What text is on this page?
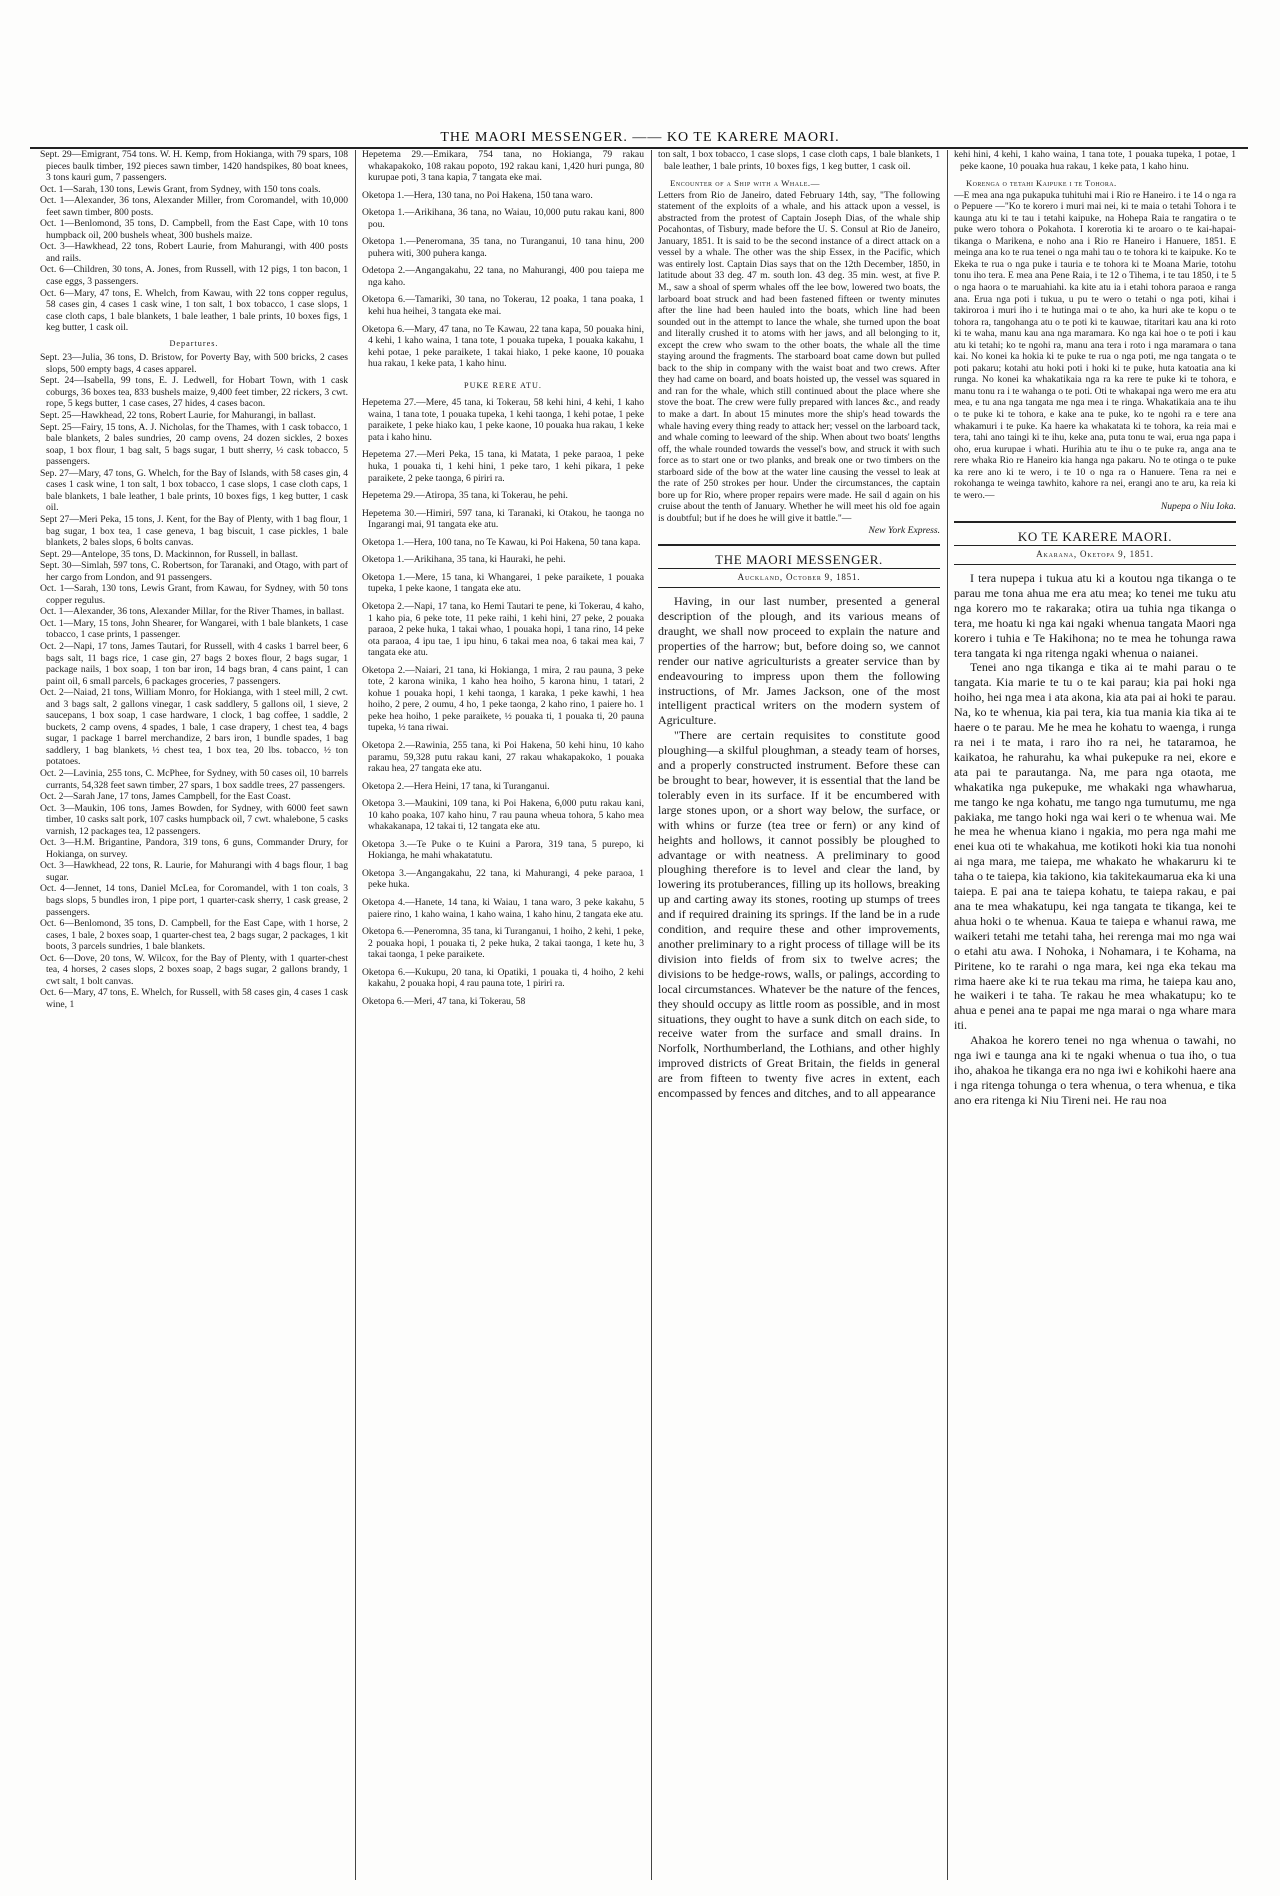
THE MAORI MESSENGER. —— KO TE KARERE MAORI.

Sept. 29—Emigrant, 754 tons. W. H. Kemp, from Hokianga, with 79 spars, 108 pieces baulk timber, 192 pieces sawn timber, 1420 handspikes, 80 boat knees, 3 tons kauri gum, 7 passengers.

Oct. 1—Sarah, 130 tons, Lewis Grant, from Sydney, with 150 tons coals.

Oct. 1—Alexander, 36 tons, Alexander Miller, from Coromandel, with 10,000 feet sawn timber, 800 posts.

Oct. 1—Benlomond, 35 tons, D. Campbell, from the East Cape, with 10 tons humpback oil, 200 bushels wheat, 300 bushels maize.

Oct. 3—Hawkhead, 22 tons, Robert Laurie, from Mahurangi, with 400 posts and rails.

Oct. 6—Children, 30 tons, A. Jones, from Russell, with 12 pigs, 1 ton bacon, 1 case eggs, 3 passengers.

Oct. 6—Mary, 47 tons, E. Whelch, from Kawau, with 22 tons copper regulus, 58 cases gin, 4 cases 1 cask wine, 1 ton salt, 1 box tobacco, 1 case slops, 1 case cloth caps, 1 bale blankets, 1 bale leather, 1 bale prints, 10 boxes figs, 1 keg butter, 1 cask oil.

Departures.

Sept. 23—Julia, 36 tons, D. Bristow, for Poverty Bay, with 500 bricks, 2 cases slops, 500 empty bags, 4 cases apparel.

Sept. 24—Isabella, 99 tons, E. J. Ledwell, for Hobart Town, with 1 cask coburgs, 36 boxes tea, 833 bushels maize, 9,400 feet timber, 22 rickers, 3 cwt. rope, 5 kegs butter, 1 case cases, 27 hides, 4 cases bacon.

Sept. 25—Hawkhead, 22 tons, Robert Laurie, for Mahurangi, in ballast.

Sept. 25—Fairy, 15 tons, A. J. Nicholas, for the Thames, with 1 cask tobacco, 1 bale blankets, 2 bales sundries, 20 camp ovens, 24 dozen sickles, 2 boxes soap, 1 box flour, 1 bag salt, 5 bags sugar, 1 butt sherry, ½ cask tobacco, 5 passengers.

Sep. 27—Mary, 47 tons, G. Whelch, for the Bay of Islands, with 58 cases gin, 4 cases 1 cask wine, 1 ton salt, 1 box tobacco, 1 case slops, 1 case cloth caps, 1 bale blankets, 1 bale leather, 1 bale prints, 10 boxes figs, 1 keg butter, 1 cask oil.

Sept 27—Meri Peka, 15 tons, J. Kent, for the Bay of Plenty, with 1 bag flour, 1 bag sugar, 1 box tea, 1 case geneva, 1 bag biscuit, 1 case pickles, 1 bale blankets, 2 bales slops, 6 bolts canvas.

Sept. 29—Antelope, 35 tons, D. Mackinnon, for Russell, in ballast.

Sept. 30—Simlah, 597 tons, C. Robertson, for Taranaki, and Otago, with part of her cargo from London, and 91 passengers.

Oct. 1—Sarah, 130 tons, Lewis Grant, from Kawau, for Sydney, with 50 tons copper regulus.

Oct. 1—Alexander, 36 tons, Alexander Millar, for the River Thames, in ballast.

Oct. 1—Mary, 15 tons, John Shearer, for Wangarei, with 1 bale blankets, 1 case tobacco, 1 case prints, 1 passenger.

Oct. 2—Napi, 17 tons, James Tautari, for Russell, with 4 casks 1 barrel beer, 6 bags salt, 11 bags rice, 1 case gin, 27 bags 2 boxes flour, 2 bags sugar, 1 package nails, 1 box soap, 1 ton bar iron, 14 bags bran, 4 cans paint, 1 can paint oil, 6 small parcels, 6 packages groceries, 7 passengers.

Oct. 2—Naiad, 21 tons, William Monro, for Hokianga, with 1 steel mill, 2 cwt. and 3 bags salt, 2 gallons vinegar, 1 cask saddlery, 5 gallons oil, 1 sieve, 2 saucepans, 1 box soap, 1 case hardware, 1 clock, 1 bag coffee, 1 saddle, 2 buckets, 2 camp ovens, 4 spades, 1 bale, 1 case drapery, 1 chest tea, 4 bags sugar, 1 package 1 barrel merchandize, 2 bars iron, 1 bundle spades, 1 bag saddlery, 1 bag blankets, ½ chest tea, 1 box tea, 20 lbs. tobacco, ½ ton potatoes.

Oct. 2—Lavinia, 255 tons, C. McPhee, for Sydney, with 50 cases oil, 10 barrels currants, 54,328 feet sawn timber, 27 spars, 1 box saddle trees, 27 passengers.

Oct. 2—Sarah Jane, 17 tons, James Campbell, for the East Coast.

Oct. 3—Maukin, 106 tons, James Bowden, for Sydney, with 6000 feet sawn timber, 10 casks salt pork, 107 casks humpback oil, 7 cwt. whalebone, 5 casks varnish, 12 packages tea, 12 passengers.

Oct. 3—H.M. Brigantine, Pandora, 319 tons, 6 guns, Commander Drury, for Hokianga, on survey.

Oct. 3—Hawkhead, 22 tons, R. Laurie, for Mahurangi with 4 bags flour, 1 bag sugar.

Oct. 4—Jennet, 14 tons, Daniel McLea, for Coromandel, with 1 ton coals, 3 bags slops, 5 bundles iron, 1 pipe port, 1 quarter-cask sherry, 1 cask grease, 2 passengers.

Oct. 6—Benlomond, 35 tons, D. Campbell, for the East Cape, with 1 horse, 2 cases, 1 bale, 2 boxes soap, 1 quarter-chest tea, 2 bags sugar, 2 packages, 1 kit boots, 3 parcels sundries, 1 bale blankets.

Oct. 6—Dove, 20 tons, W. Wilcox, for the Bay of Plenty, with 1 quarter-chest tea, 4 horses, 2 cases slops, 2 boxes soap, 2 bags sugar, 2 gallons brandy, 1 cwt salt, 1 bolt canvas.

Oct. 6—Mary, 47 tons, E. Whelch, for Russell, with 58 cases gin, 4 cases 1 cask wine, 1

Hepetema 29.—Emikara, 754 tana, no Hokianga, 79 rakau whakapakoko, 108 rakau popoto, 192 rakau kani, 1,420 huri punga, 80 kurupae poti, 3 tana kapia, 7 tangata eke mai.

Oketopa 1.—Hera, 130 tana, no Poi Hakena, 150 tana waro.

Oketopa 1.—Arikihana, 36 tana, no Waiau, 10,000 putu rakau kani, 800 pou.

Oketopa 1.—Peneromana, 35 tana, no Turanganui, 10 tana hinu, 200 puhera witi, 300 puhera kanga.

Odetopa 2.—Angangakahu, 22 tana, no Mahurangi, 400 pou taiepa me nga kaho.

Oketopa 6.—Tamariki, 30 tana, no Tokerau, 12 poaka, 1 tana poaka, 1 kehi hua heihei, 3 tangata eke mai.

Oketopa 6.—Mary, 47 tana, no Te Kawau, 22 tana kapa, 50 pouaka hini, 4 kehi, 1 kaho waina, 1 tana tote, 1 pouaka tupeka, 1 pouaka kakahu, 1 kehi potae, 1 peke paraikete, 1 takai hiako, 1 peke kaone, 10 pouaka hua rakau, 1 keke pata, 1 kaho hinu.

PUKE RERE ATU.

Hepetema 27.—Mere, 45 tana, ki Tokerau, 58 kehi hini, 4 kehi, 1 kaho waina, 1 tana tote, 1 pouaka tupeka, 1 kehi taonga, 1 kehi potae, 1 peke paraikete, 1 peke hiako kau, 1 peke kaone, 10 pouaka hua rakau, 1 keke pata i kaho hinu.

Hepetema 27.—Meri Peka, 15 tana, ki Matata, 1 peke paraoa, 1 peke huka, 1 pouaka ti, 1 kehi hini, 1 peke taro, 1 kehi pikara, 1 peke paraikete, 2 peke taonga, 6 piriri ra.

Hepetema 29.—Atiropa, 35 tana, ki Tokerau, he pehi.

Hepetema 30.—Himiri, 597 tana, ki Taranaki, ki Otakou, he taonga no Ingarangi mai, 91 tangata eke atu.

Oketopa 1.—Hera, 100 tana, no Te Kawau, ki Poi Hakena, 50 tana kapa.

Oketopa 1.—Arikihana, 35 tana, ki Hauraki, he pehi.

Oketopa 1.—Mere, 15 tana, ki Whangarei, 1 peke paraikete, 1 pouaka tupeka, 1 peke kaone, 1 tangata eke atu.

Oketopa 2.—Napi, 17 tana, ko Hemi Tautari te pene, ki Tokerau, 4 kaho, 1 kaho pia, 6 peke tote, 11 peke raihi, 1 kehi hini, 27 peke, 2 pouaka paraoa, 2 peke huka, 1 takai whao, 1 pouaka hopi, 1 tana rino, 14 peke ota paraoa, 4 ipu tae, 1 ipu hinu, 6 takai mea noa, 6 takai mea kai, 7 tangata eke atu.

Oketopa 2.—Naiari, 21 tana, ki Hokianga, 1 mira, 2 rau pauna, 3 peke tote, 2 karona winika, 1 kaho hea hoiho, 5 karona hinu, 1 tatari, 2 kohue 1 pouaka hopi, 1 kehi taonga, 1 karaka, 1 peke kawhi, 1 hea hoiho, 2 pere, 2 oumu, 4 ho, 1 peke taonga, 2 kaho rino, 1 paiere ho. 1 peke hea hoiho, 1 peke paraikete, ½ pouaka ti, 1 pouaka ti, 20 pauna tupeka, ½ tana riwai.

Oketopa 2.—Rawinia, 255 tana, ki Poi Hakena, 50 kehi hinu, 10 kaho paramu, 59,328 putu rakau kani, 27 rakau whakapakoko, 1 pouaka rakau hea, 27 tangata eke atu.

Oketopa 2.—Hera Heini, 17 tana, ki Turanganui.

Oketopa 3.—Maukini, 109 tana, ki Poi Hakena, 6,000 putu rakau kani, 10 kaho poaka, 107 kaho hinu, 7 rau pauna wheua tohora, 5 kaho mea whakakanapa, 12 takai ti, 12 tangata eke atu.

Oketopa 3.—Te Puke o te Kuini a Parora, 319 tana, 5 purepo, ki Hokianga, he mahi whakatatutu.

Oketopa 3.—Angangakahu, 22 tana, ki Mahurangi, 4 peke paraoa, 1 peke huka.

Oketopa 4.—Hanete, 14 tana, ki Waiau, 1 tana waro, 3 peke kakahu, 5 paiere rino, 1 kaho waina, 1 kaho waina, 1 kaho hinu, 2 tangata eke atu.

Oketopa 6.—Peneromna, 35 tana, ki Turanganui, 1 hoiho, 2 kehi, 1 peke, 2 pouaka hopi, 1 pouaka ti, 2 peke huka, 2 takai taonga, 1 kete hu, 3 takai taonga, 1 peke paraikete.

Oketopa 6.—Kukupu, 20 tana, ki Opatiki, 1 pouaka ti, 4 hoiho, 2 kehi kakahu, 2 pouaka hopi, 4 rau pauna tote, 1 piriri ra.

Oketopa 6.—Meri, 47 tana, ki Tokerau, 58

ton salt, 1 box tobacco, 1 case slops, 1 case cloth caps, 1 bale blankets, 1 bale leather, 1 bale prints, 10 boxes figs, 1 keg butter, 1 cask oil.

Encounter of a Ship with a Whale.—

Letters from Rio de Janeiro, dated February 14th, say, "The following statement of the exploits of a whale, and his attack upon a vessel, is abstracted from the protest of Captain Joseph Dias, of the whale ship Pocahontas, of Tisbury, made before the U. S. Consul at Rio de Janeiro, January, 1851. It is said to be the second instance of a direct attack on a vessel by a whale. The other was the ship Essex, in the Pacific, which was entirely lost. Captain Dias says that on the 12th December, 1850, in latitude about 33 deg. 47 m. south lon. 43 deg. 35 min. west, at five P. M., saw a shoal of sperm whales off the lee bow, lowered two boats, the larboard boat struck and had been fastened fifteen or twenty minutes after the line had been hauled into the boats, which line had been sounded out in the attempt to lance the whale, she turned upon the boat and literally crushed it to atoms with her jaws, and all belonging to it, except the crew who swam to the other boats, the whale all the time staying around the fragments. The starboard boat came down but pulled back to the ship in company with the waist boat and two crews. After they had came on board, and boats hoisted up, the vessel was squared in and ran for the whale, which still continued about the place where she stove the boat. The crew were fully prepared with lances &c., and ready to make a dart. In about 15 minutes more the ship's head towards the whale having every thing ready to attack her; vessel on the larboard tack, and whale coming to leeward of the ship. When about two boats' lengths off, the whale rounded towards the vessel's bow, and struck it with such force as to start one or two planks, and break one or two timbers on the starboard side of the bow at the water line causing the vessel to leak at the rate of 250 strokes per hour. Under the circumstances, the captain bore up for Rio, where proper repairs were made. He sail d again on his cruise about the tenth of January. Whether he will meet his old foe again is doubtful; but if he does he will give it battle."—

New York Express.

THE MAORI MESSENGER.

Auckland, October 9, 1851.

Having, in our last number, presented a general description of the plough, and its various means of draught, we shall now proceed to explain the nature and properties of the harrow; but, before doing so, we cannot render our native agriculturists a greater service than by endeavouring to impress upon them the following instructions, of Mr. James Jackson, one of the most intelligent practical writers on the modern system of Agriculture.

"There are certain requisites to constitute good ploughing—a skilful ploughman, a steady team of horses, and a properly constructed instrument. Before these can be brought to bear, however, it is essential that the land be tolerably even in its surface. If it be encumbered with large stones upon, or a short way below, the surface, or with whins or furze (tea tree or fern) or any kind of heights and hollows, it cannot possibly be ploughed to advantage or with neatness. A preliminary to good ploughing therefore is to level and clear the land, by lowering its protuberances, filling up its hollows, breaking up and carting away its stones, rooting up stumps of trees and if required draining its springs. If the land be in a rude condition, and require these and other improvements, another preliminary to a right process of tillage will be its division into fields of from six to twelve acres; the divisions to be hedge-rows, walls, or palings, according to local circumstances. Whatever be the nature of the fences, they should occupy as little room as possible, and in most situations, they ought to have a sunk ditch on each side, to receive water from the surface and small drains. In Norfolk, Northumberland, the Lothians, and other highly improved districts of Great Britain, the fields in general are from fifteen to twenty five acres in extent, each encompassed by fences and ditches, and to all appearance

kehi hini, 4 kehi, 1 kaho waina, 1 tana tote, 1 pouaka tupeka, 1 potae, 1 peke kaone, 10 pouaka hua rakau, 1 keke pata, 1 kaho hinu.

Korenga o tetahi Kaipuke i te Tohora.

—E mea ana nga pukapuka tuhituhi mai i Rio re Haneiro. i te 14 o nga ra o Pepuere —"Ko te korero i muri mai nei, ki te maia o tetahi Tohora i te kaunga atu ki te tau i tetahi kaipuke, na Hohepa Raia te rangatira o te puke wero tohora o Pokahota. I korerotia ki te aroaro o te kai-hapai-tikanga o Marikena, e noho ana i Rio re Haneiro i Hanuere, 1851. E meinga ana ko te rua tenei o nga mahi tau o te tohora ki te kaipuke. Ko te Ekeka te rua o nga puke i tauria e te tohora ki te Moana Marie, totohu tonu iho tera. E mea ana Pene Raia, i te 12 o Tihema, i te tau 1850, i te 5 o nga haora o te maruahiahi. ka kite atu ia i etahi tohora paraoa e ranga ana. Erua nga poti i tukua, u pu te wero o tetahi o nga poti, kihai i takiroroa i muri iho i te hutinga mai o te aho, ka huri ake te kopu o te tohora ra, tangohanga atu o te poti ki te kauwae, titaritari kau ana ki roto ki te waha, manu kau ana nga maramara. Ko nga kai hoe o te poti i kau atu ki tetahi; ko te ngohi ra, manu ana tera i roto i nga maramara o tana kai. No konei ka hokia ki te puke te rua o nga poti, me nga tangata o te poti pakaru; kotahi atu hoki poti i hoki ki te puke, huta katoatia ana ki runga. No konei ka whakatikaia nga ra ka rere te puke ki te tohora, e manu tonu ra i te wahanga o te poti. Oti te whakapai nga wero me era atu mea, e tu ana nga tangata me nga mea i te ringa. Whakatikaia ana te ihu o te puke ki te tohora, e kake ana te puke, ko te ngohi ra e tere ana whakamuri i te puke. Ka haere ka whakatata ki te tohora, ka reia mai e tera, tahi ano taingi ki te ihu, keke ana, puta tonu te wai, erua nga papa i oho, erua kurupae i whati. Hurihia atu te ihu o te puke ra, anga ana te rere whaka Rio re Haneiro kia hanga nga pakaru. No te otinga o te puke ka rere ano ki te wero, i te 10 o nga ra o Hanuere. Tena ra nei e rokohanga te weinga tawhito, kahore ra nei, erangi ano te aru, ka reia ki te wero.—

Nupepa o Niu Ioka.

KO TE KARERE MAORI.

Akarana, Oketopa 9, 1851.

I tera nupepa i tukua atu ki a koutou nga tikanga o te parau me tona ahua me era atu mea; ko tenei me tuku atu nga korero mo te rakaraka; otira ua tuhia nga tikanga o tera, me hoatu ki nga kai ngaki whenua tangata Maori nga korero i tuhia e Te Hakihona; no te mea he tohunga rawa tera tangata ki nga ritenga ngaki whenua o naianei.

Tenei ano nga tikanga e tika ai te mahi parau o te tangata. Kia marie te tu o te kai parau; kia pai hoki nga hoiho, hei nga mea i ata akona, kia ata pai ai hoki te parau. Na, ko te whenua, kia pai tera, kia tua mania kia tika ai te haere o te parau. Me he mea he kohatu to waenga, i runga ra nei i te mata, i raro iho ra nei, he tataramoa, he kaikatoa, he rahurahu, ka whai pukepuke ra nei, ekore e ata pai te parautanga. Na, me para nga otaota, me whakatika nga pukepuke, me whakaki nga whawharua, me tango ke nga kohatu, me tango nga tumutumu, me nga pakiaka, me tango hoki nga wai keri o te whenua wai. Me he mea he whenua kiano i ngakia, mo pera nga mahi me enei kua oti te whakahua, me kotikoti hoki kia tua nonohi ai nga mara, me taiepa, me whakato he whakaruru ki te taha o te taiepa, kia takiono, kia takitekaumarua eka ki una taiepa. E pai ana te taiepa kohatu, te taiepa rakau, e pai ana te mea whakatupu, kei nga tangata te tikanga, kei te ahua hoki o te whenua. Kaua te taiepa e whanui rawa, me waikeri tetahi me tetahi taha, hei rerenga mai mo nga wai o etahi atu awa. I Nohoka, i Nohamara, i te Kohama, na Piritene, ko te rarahi o nga mara, kei nga eka tekau ma rima haere ake ki te rua tekau ma rima, he taiepa kau ano, he waikeri i te taha. Te rakau he mea whakatupu; ko te ahua e penei ana te papai me nga marai o nga whare mara iti.

Ahakoa he korero tenei no nga whenua o tawahi, no nga iwi e taunga ana ki te ngaki whenua o tua iho, o tua iho, ahakoa he tikanga era no nga iwi e kohikohi haere ana i nga ritenga tohunga o tera whenua, o tera whenua, e tika ano era ritenga ki Niu Tireni nei. He rau noa
